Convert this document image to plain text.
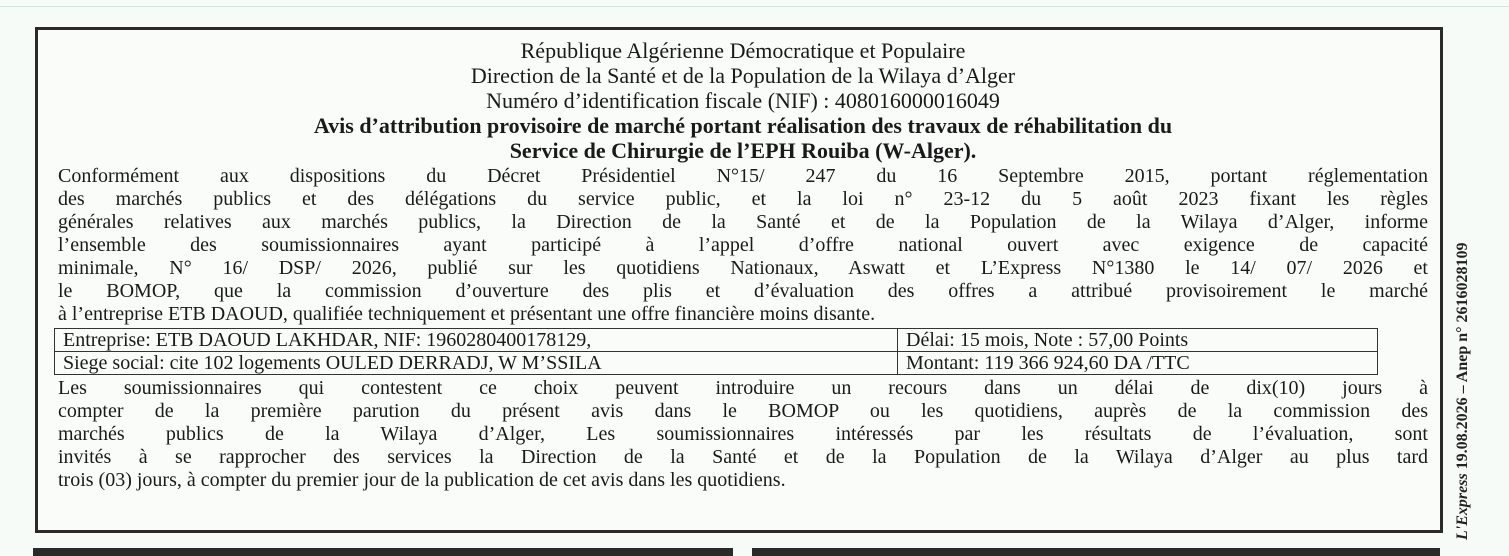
République Algérienne Démocratique et Populaire
Direction de la Santé et de la Population de la Wilaya d’Alger
Numéro d’identification fiscale (NIF) : 408016000016049
Avis d’attribution provisoire de marché portant réalisation des travaux de réhabilitation du
Service de Chirurgie de l’EPH Rouiba (W-Alger).
Conformément aux dispositions du Décret Présidentiel N°15/ 247 du 16 Septembre 2015, portant réglementation
des marchés publics et des délégations du service public, et la loi n° 23-12 du 5 août 2023 fixant les règles
générales relatives aux marchés publics, la Direction de la Santé et de la Population de la Wilaya d’Alger, informe
l’ensemble des soumissionnaires ayant participé à l’appel d’offre national ouvert avec exigence de capacité
minimale, N° 16/ DSP/ 2026, publié sur les quotidiens Nationaux, Aswatt et L’Express N°1380 le 14/ 07/ 2026 et
le BOMOP, que la commission d’ouverture des plis et d’évaluation des offres a attribué provisoirement le marché
à l’entreprise ETB DAOUD, qualifiée techniquement et présentant une offre financière moins disante.
Entreprise: ETB DAOUD LAKHDAR, NIF: 1960280400178129,	Délai: 15 mois, Note : 57,00 Points
Siege social: cite 102 logements OULED DERRADJ, W M’SSILA	Montant: 119 366 924,60 DA /TTC
Les soumissionnaires qui contestent ce choix peuvent introduire un recours dans un délai de dix(10) jours à
compter de la première parution du présent avis dans le BOMOP ou les quotidiens, auprès de la commission des
marchés publics de la Wilaya d’Alger, Les soumissionnaires intéressés par les résultats de l’évaluation, sont
invités à se rapprocher des services la Direction de la Santé et de la Population de la Wilaya d’Alger au plus tard
trois (03) jours, à compter du premier jour de la publication de cet avis dans les quotidiens.	L'Express 19.08.2026 – Anep n° 2616028109
